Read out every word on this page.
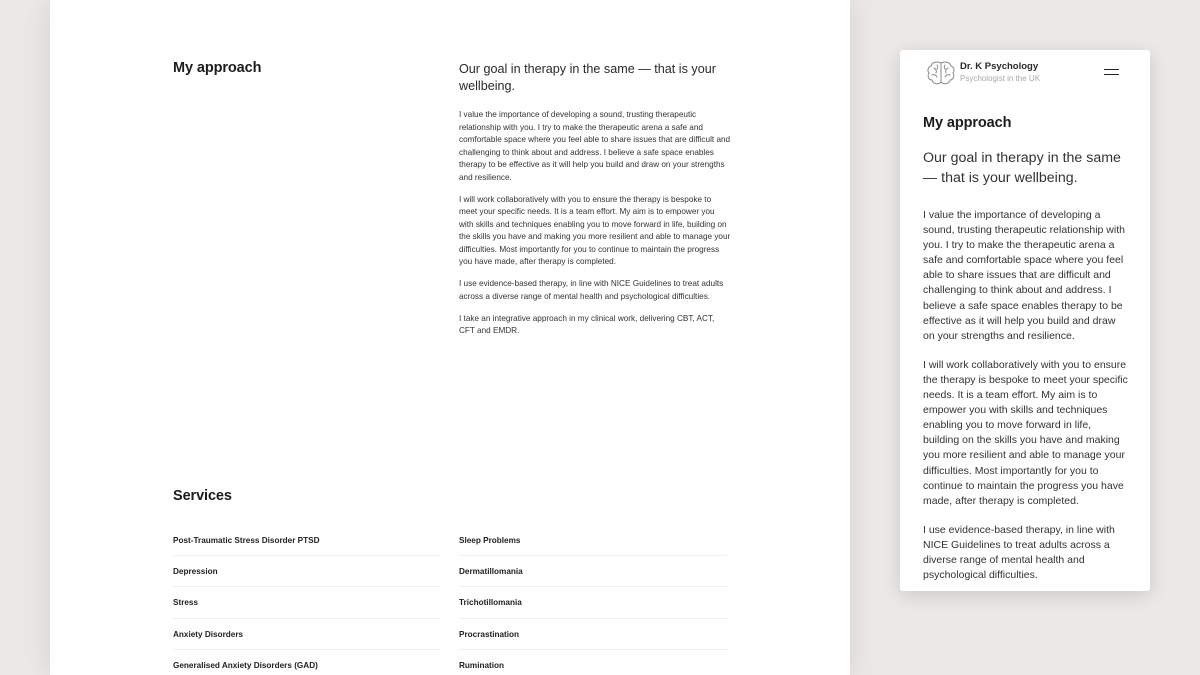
My approach	Our goal in therapy in the same — that is your wellbeing.

I value the importance of developing a sound, trusting therapeutic relationship with you. I try to make the therapeutic arena a safe and comfortable space where you feel able to share issues that are difficult and challenging to think about and address. I believe a safe space enables therapy to be effective as it will help you build and draw on your strengths and resilience.

I will work collaboratively with you to ensure the therapy is bespoke to meet your specific needs. It is a team effort. My aim is to empower you with skills and techniques enabling you to move forward in life, building on the skills you have and making you more resilient and able to manage your difficulties. Most importantly for you to continue to maintain the progress you have made, after therapy is completed.

I use evidence-based therapy, in line with NICE Guidelines to treat adults across a diverse range of mental health and psychological difficulties.

I take an integrative approach in my clinical work, delivering CBT, ACT, CFT and EMDR.

Services
Post-Traumatic Stress Disorder PTSD
Depression
Stress
Anxiety Disorders
Generalised Anxiety Disorders (GAD)
Sleep Problems
Dermatillomania
Trichotillomania
Procrastination
Rumination
Dr. K Psychology
Psychologist in the UK
My approach

Our goal in therapy in the same — that is your wellbeing.

I value the importance of developing a sound, trusting therapeutic relationship with you. I try to make the therapeutic arena a safe and comfortable space where you feel able to share issues that are difficult and challenging to think about and address. I believe a safe space enables therapy to be effective as it will help you build and draw on your strengths and resilience.

I will work collaboratively with you to ensure the therapy is bespoke to meet your specific needs. It is a team effort. My aim is to empower you with skills and techniques enabling you to move forward in life, building on the skills you have and making you more resilient and able to manage your difficulties. Most importantly for you to continue to maintain the progress you have made, after therapy is completed.

I use evidence-based therapy, in line with NICE Guidelines to treat adults across a diverse range of mental health and psychological difficulties.
